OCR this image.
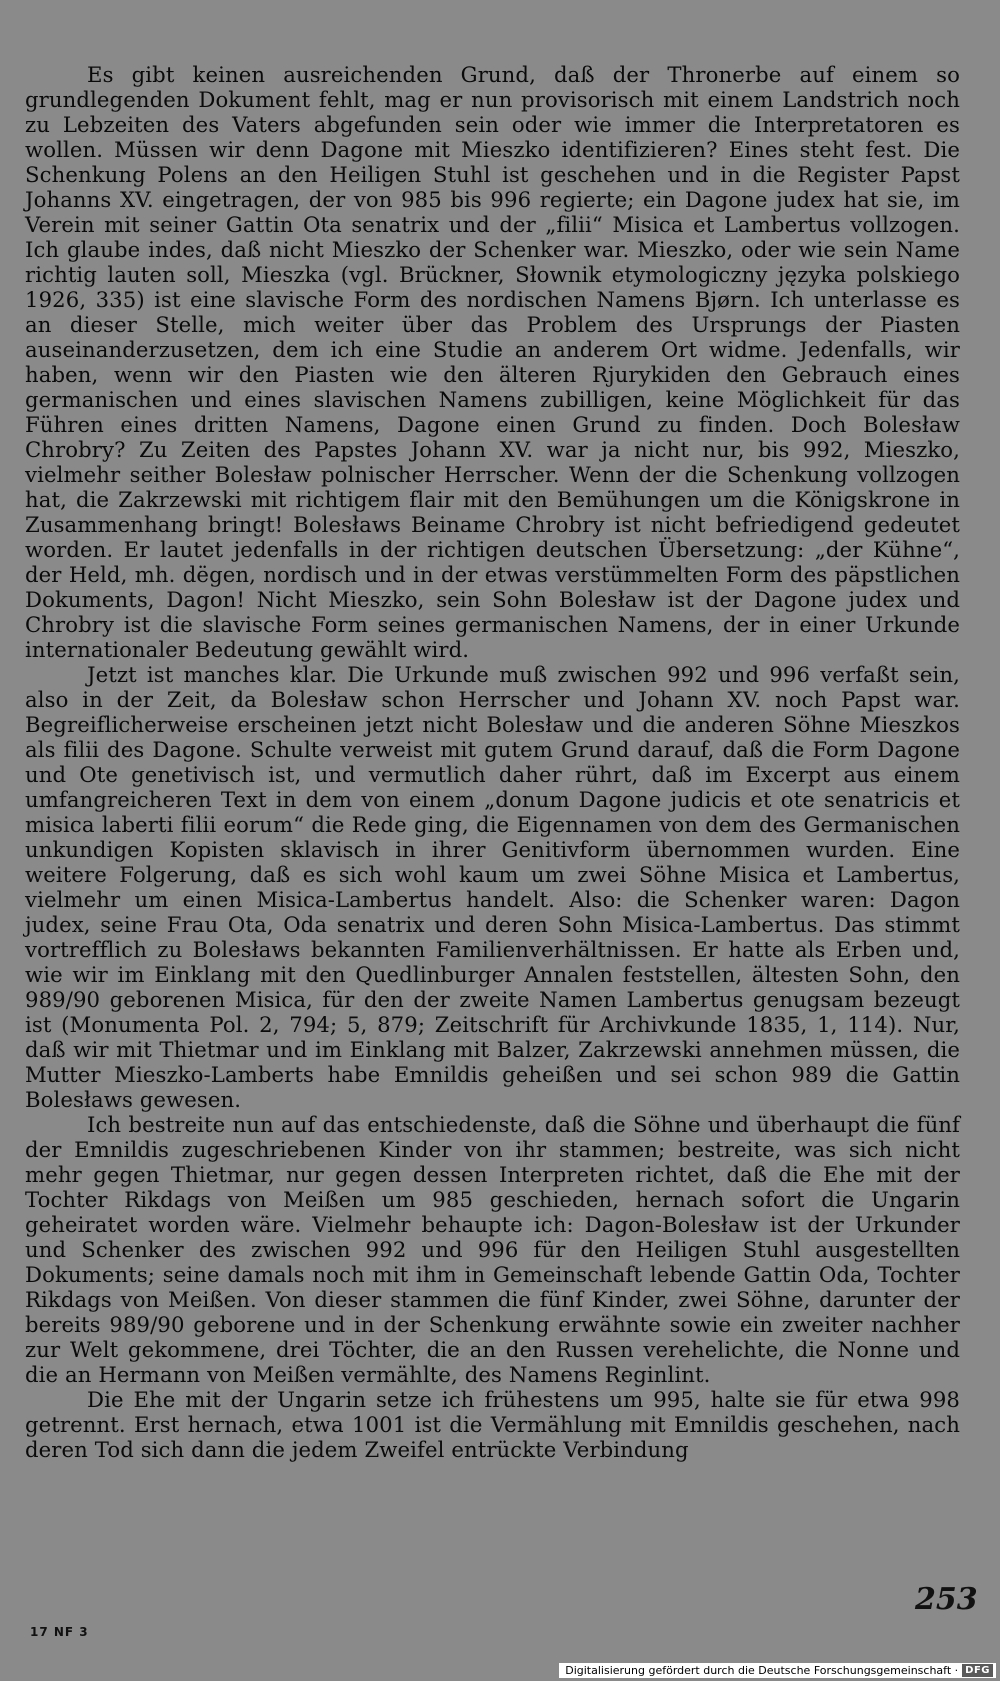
Es gibt keinen ausreichenden Grund, daß der Thronerbe auf einem so grundlegenden Dokument fehlt, mag er nun provisorisch mit einem Landstrich noch zu Lebzeiten des Vaters abgefunden sein oder wie immer die Interpretatoren es wollen. Müssen wir denn Dagone mit Mieszko identifizieren? Eines steht fest. Die Schenkung Polens an den Heiligen Stuhl ist geschehen und in die Register Papst Johanns XV. eingetragen, der von 985 bis 996 regierte; ein Dagone judex hat sie, im Verein mit seiner Gattin Ota senatrix und der „filii“ Misica et Lambertus vollzogen. Ich glaube indes, daß nicht Mieszko der Schenker war. Mieszko, oder wie sein Name richtig lauten soll, Mieszka (vgl. Brückner, Słownik etymologiczny języka polskiego 1926, 335) ist eine slavische Form des nordischen Namens Bjørn. Ich unterlasse es an dieser Stelle, mich weiter über das Problem des Ursprungs der Piasten auseinanderzusetzen, dem ich eine Studie an anderem Ort widme. Jedenfalls, wir haben, wenn wir den Piasten wie den älteren Rjurykiden den Gebrauch eines germanischen und eines slavischen Namens zubilligen, keine Möglichkeit für das Führen eines dritten Namens, Dagone einen Grund zu finden. Doch Bolesław Chrobry? Zu Zeiten des Papstes Johann XV. war ja nicht nur, bis 992, Mieszko, vielmehr seither Bolesław polnischer Herrscher. Wenn der die Schenkung vollzogen hat, die Zakrzewski mit richtigem flair mit den Bemühungen um die Königskrone in Zusammenhang bringt! Bolesławs Beiname Chrobry ist nicht befriedigend gedeutet worden. Er lautet jedenfalls in der richtigen deutschen Übersetzung: „der Kühne“, der Held, mh. dëgen, nordisch und in der etwas verstümmelten Form des päpstlichen Dokuments, Dagon! Nicht Mieszko, sein Sohn Bolesław ist der Dagone judex und Chrobry ist die slavische Form seines germanischen Namens, der in einer Urkunde internationaler Bedeutung gewählt wird.

Jetzt ist manches klar. Die Urkunde muß zwischen 992 und 996 verfaßt sein, also in der Zeit, da Bolesław schon Herrscher und Johann XV. noch Papst war. Begreiflicherweise erscheinen jetzt nicht Bolesław und die anderen Söhne Mieszkos als filii des Dagone. Schulte verweist mit gutem Grund darauf, daß die Form Dagone und Ote genetivisch ist, und vermutlich daher rührt, daß im Excerpt aus einem umfangreicheren Text in dem von einem „donum Dagone judicis et ote senatricis et misica laberti filii eorum“ die Rede ging, die Eigennamen von dem des Germanischen unkundigen Kopisten sklavisch in ihrer Genitivform übernommen wurden. Eine weitere Folgerung, daß es sich wohl kaum um zwei Söhne Misica et Lambertus, vielmehr um einen Misica-Lambertus handelt. Also: die Schenker waren: Dagon judex, seine Frau Ota, Oda senatrix und deren Sohn Misica-Lambertus. Das stimmt vortrefflich zu Bolesławs bekannten Familienverhältnissen. Er hatte als Erben und, wie wir im Einklang mit den Quedlinburger Annalen feststellen, ältesten Sohn, den 989/90 geborenen Misica, für den der zweite Namen Lambertus genugsam bezeugt ist (Monumenta Pol. 2, 794; 5, 879; Zeitschrift für Archivkunde 1835, 1, 114). Nur, daß wir mit Thietmar und im Einklang mit Balzer, Zakrzewski annehmen müssen, die Mutter Mieszko-Lamberts habe Emnildis geheißen und sei schon 989 die Gattin Bolesławs gewesen.

Ich bestreite nun auf das entschiedenste, daß die Söhne und überhaupt die fünf der Emnildis zugeschriebenen Kinder von ihr stammen; bestreite, was sich nicht mehr gegen Thietmar, nur gegen dessen Interpreten richtet, daß die Ehe mit der Tochter Rikdags von Meißen um 985 geschieden, hernach sofort die Ungarin geheiratet worden wäre. Vielmehr behaupte ich: Dagon-Bolesław ist der Urkunder und Schenker des zwischen 992 und 996 für den Heiligen Stuhl ausgestellten Dokuments; seine damals noch mit ihm in Gemeinschaft lebende Gattin Oda, Tochter Rikdags von Meißen. Von dieser stammen die fünf Kinder, zwei Söhne, darunter der bereits 989/90 geborene und in der Schenkung erwähnte sowie ein zweiter nachher zur Welt gekommene, drei Töchter, die an den Russen verehelichte, die Nonne und die an Hermann von Meißen vermählte, des Namens Reginlint.

Die Ehe mit der Ungarin setze ich frühestens um 995, halte sie für etwa 998 getrennt. Erst hernach, etwa 1001 ist die Vermählung mit Emnildis geschehen, nach deren Tod sich dann die jedem Zweifel entrückte Verbindung

253
17 NF 3
Digitalisierung gefördert durch die Deutsche Forschungsgemeinschaft · DFG
